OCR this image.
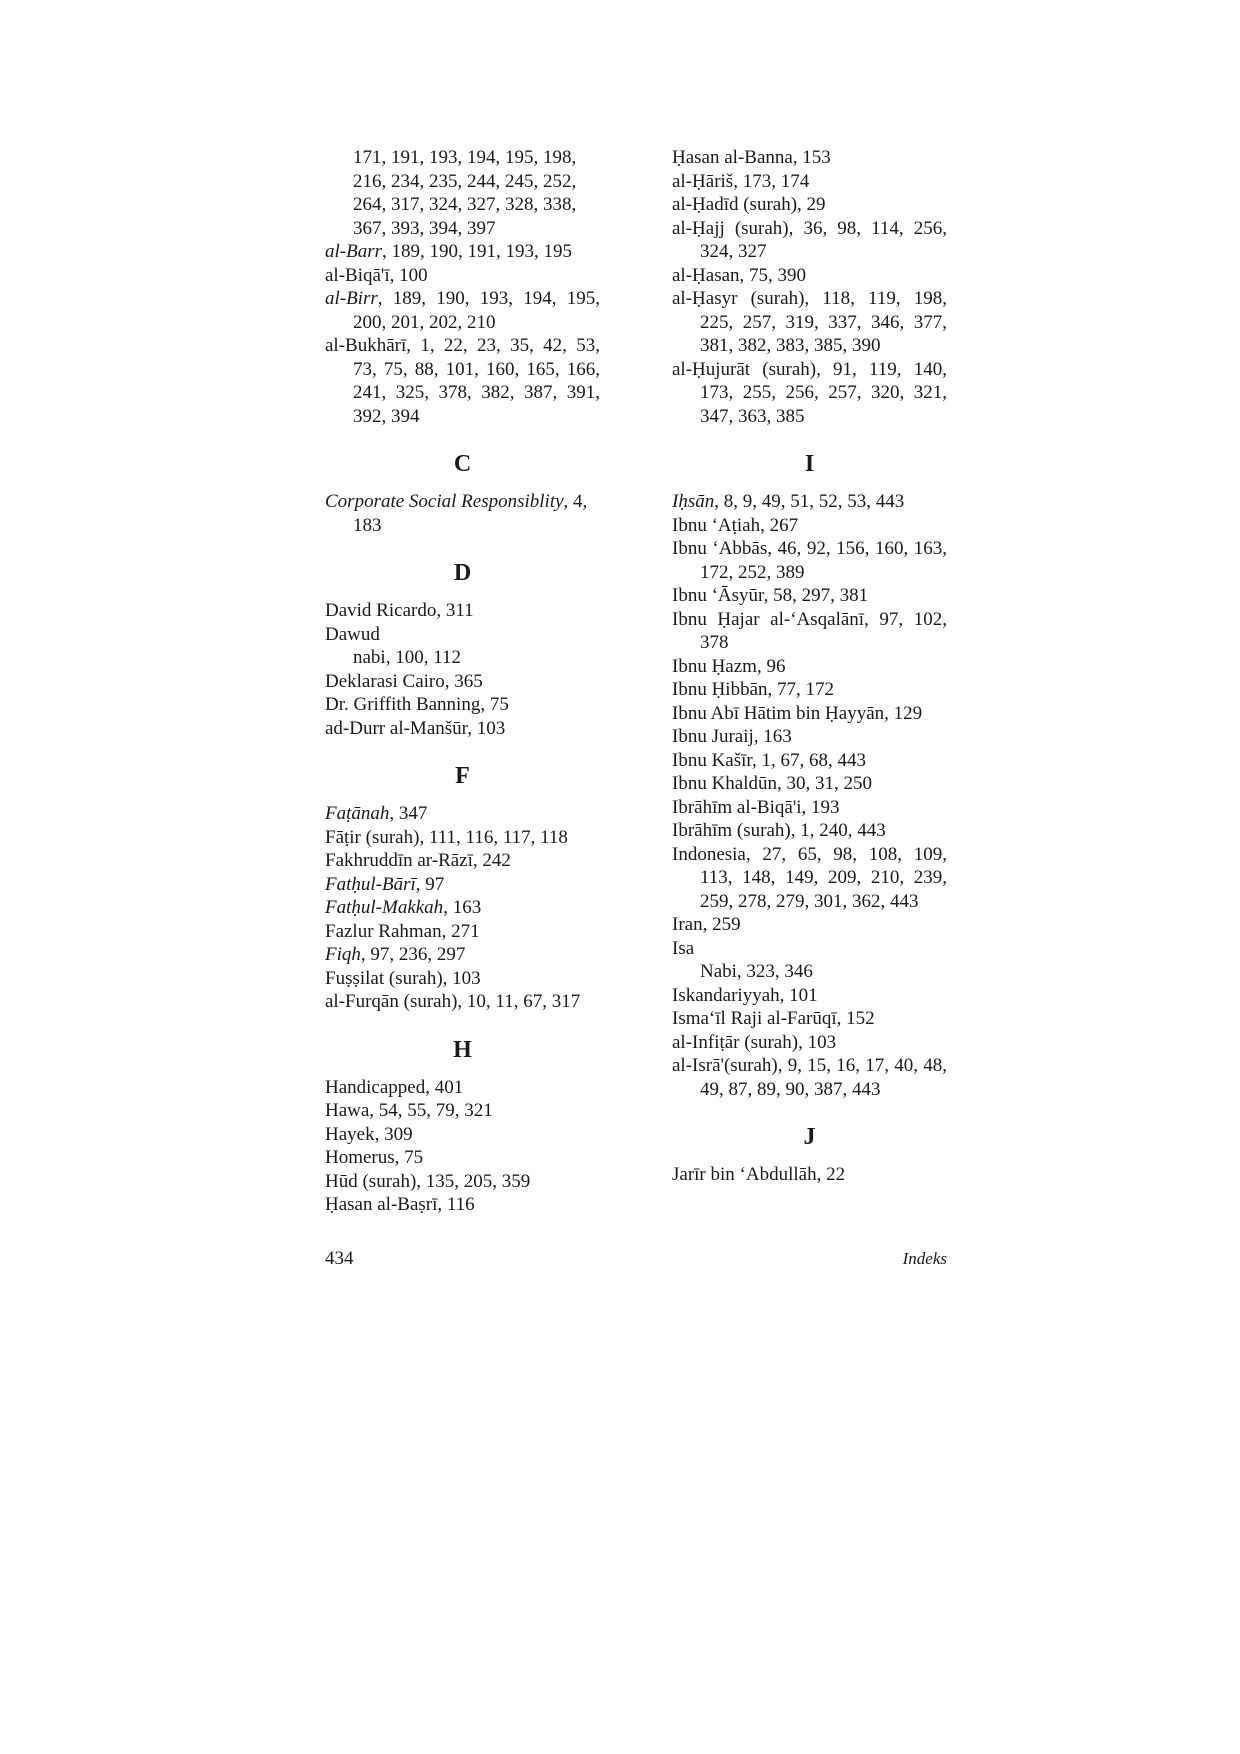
171, 191, 193, 194, 195, 198, 216, 234, 235, 244, 245, 252, 264, 317, 324, 327, 328, 338, 367, 393, 394, 397
al-Barr, 189, 190, 191, 193, 195
al-Biqā'ī, 100
al-Birr, 189, 190, 193, 194, 195, 200, 201, 202, 210
al-Bukhārī, 1, 22, 23, 35, 42, 53, 73, 75, 88, 101, 160, 165, 166, 241, 325, 378, 382, 387, 391, 392, 394
C
Corporate Social Responsiblity, 4, 183
D
David Ricardo, 311
Dawud
nabi, 100, 112
Deklarasi Cairo, 365
Dr. Griffith Banning, 75
ad-Durr al-Manšūr, 103
F
Faṭānah, 347
Fāṭir (surah), 111, 116, 117, 118
Fakhruddīn ar-Rāzī, 242
Fatḥul-Bārī, 97
Fatḥul-Makkah, 163
Fazlur Rahman, 271
Fiqh, 97, 236, 297
Fuṣṣilat (surah), 103
al-Furqān (surah), 10, 11, 67, 317
H
Handicapped, 401
Hawa, 54, 55, 79, 321
Hayek, 309
Homerus, 75
Hūd (surah), 135, 205, 359
Ḥasan al-Baṣrī, 116
Ḥasan al-Banna, 153
al-Ḥāriš, 173, 174
al-Ḥadīd (surah), 29
al-Ḥajj (surah), 36, 98, 114, 256, 324, 327
al-Ḥasan, 75, 390
al-Ḥasyr (surah), 118, 119, 198, 225, 257, 319, 337, 346, 377, 381, 382, 383, 385, 390
al-Ḥujurāt (surah), 91, 119, 140, 173, 255, 256, 257, 320, 321, 347, 363, 385
I
Iḥsān, 8, 9, 49, 51, 52, 53, 443
Ibnu ‘Aṭiah, 267
Ibnu ‘Abbās, 46, 92, 156, 160, 163, 172, 252, 389
Ibnu ‘Āsyūr, 58, 297, 381
Ibnu Ḥajar al-‘Asqalānī, 97, 102, 378
Ibnu Ḥazm, 96
Ibnu Ḥibbān, 77, 172
Ibnu Abī Hātim bin Ḥayyān, 129
Ibnu Juraij, 163
Ibnu Kašīr, 1, 67, 68, 443
Ibnu Khaldūn, 30, 31, 250
Ibrāhīm al-Biqā'i, 193
Ibrāhīm (surah), 1, 240, 443
Indonesia, 27, 65, 98, 108, 109, 113, 148, 149, 209, 210, 239, 259, 278, 279, 301, 362, 443
Iran, 259
Isa
Nabi, 323, 346
Iskandariyyah, 101
Isma‘īl Raji al-Farūqī, 152
al-Infiṭār (surah), 103
al-Isrā'(surah), 9, 15, 16, 17, 40, 48, 49, 87, 89, 90, 387, 443
J
Jarīr bin ‘Abdullāh, 22
434	Indeks
